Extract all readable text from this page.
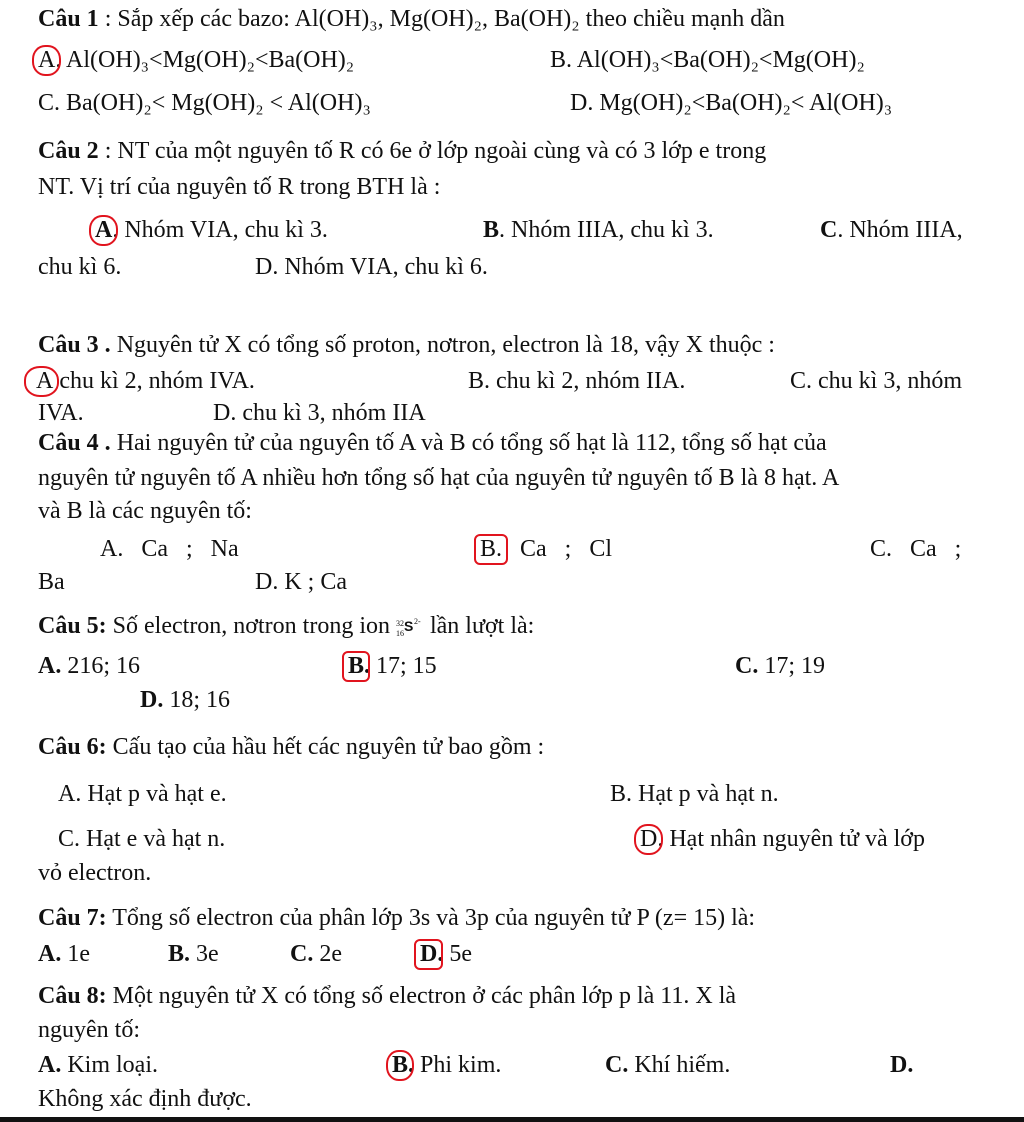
Câu 1 : Sắp xếp các bazo: Al(OH)₃, Mg(OH)₂, Ba(OH)₂ theo chiều mạnh dần
A. Al(OH)₃<Mg(OH)₂<Ba(OH)₂	B. Al(OH)₃<Ba(OH)₂<Mg(OH)₂
C. Ba(OH)₂< Mg(OH)₂ < Al(OH)₃	D. Mg(OH)₂<Ba(OH)₂< Al(OH)₃
Câu 2 : NT của một nguyên tố R có 6e ở lớp ngoài cùng và có 3 lớp e trong
NT. Vị trí của nguyên tố R trong BTH là :
A. Nhóm VIA, chu kì 3.	B. Nhóm IIIA, chu kì 3.	C. Nhóm IIIA,
chu kì 6.	D. Nhóm VIA, chu kì 6.
Câu 3 . Nguyên tử X có tổng số proton, nơtron, electron là 18, vậy X thuộc :
A chu kì 2, nhóm IVA.	B. chu kì 2, nhóm IIA.	C. chu kì 3, nhóm
IVA.	D. chu kì 3, nhóm IIA
Câu 4 . Hai nguyên tử của nguyên tố A và B có tổng số hạt là 112, tổng số hạt của
nguyên tử nguyên tố A nhiều hơn tổng số hạt của nguyên tử nguyên tố B là 8 hạt. A
và B là các nguyên tố:
A.   Ca   ;   Na	B. Ca   ;   Cl	C.   Ca   ;
Ba	D. K ; Ca
Câu 5: Số electron, nơtron trong ion 32
16 S 2- lần lượt là:
A. 216; 16	B. 17; 15	C. 17; 19
D. 18; 16
Câu 6: Cấu tạo của hầu hết các nguyên tử bao gồm :
A. Hạt p và hạt e.	B. Hạt p và hạt n.
C. Hạt e và hạt n.	D. Hạt nhân nguyên tử và lớp
vỏ electron.
Câu 7: Tổng số electron của phân lớp 3s và 3p của nguyên tử P (z= 15) là:
A. 1e	B. 3e	C. 2e	D. 5e
Câu 8: Một nguyên tử X có tổng số electron ở các phân lớp p là 11. X là
nguyên tố:
A. Kim loại.	B. Phi kim.	C. Khí hiếm.	D.
Không xác định được.
